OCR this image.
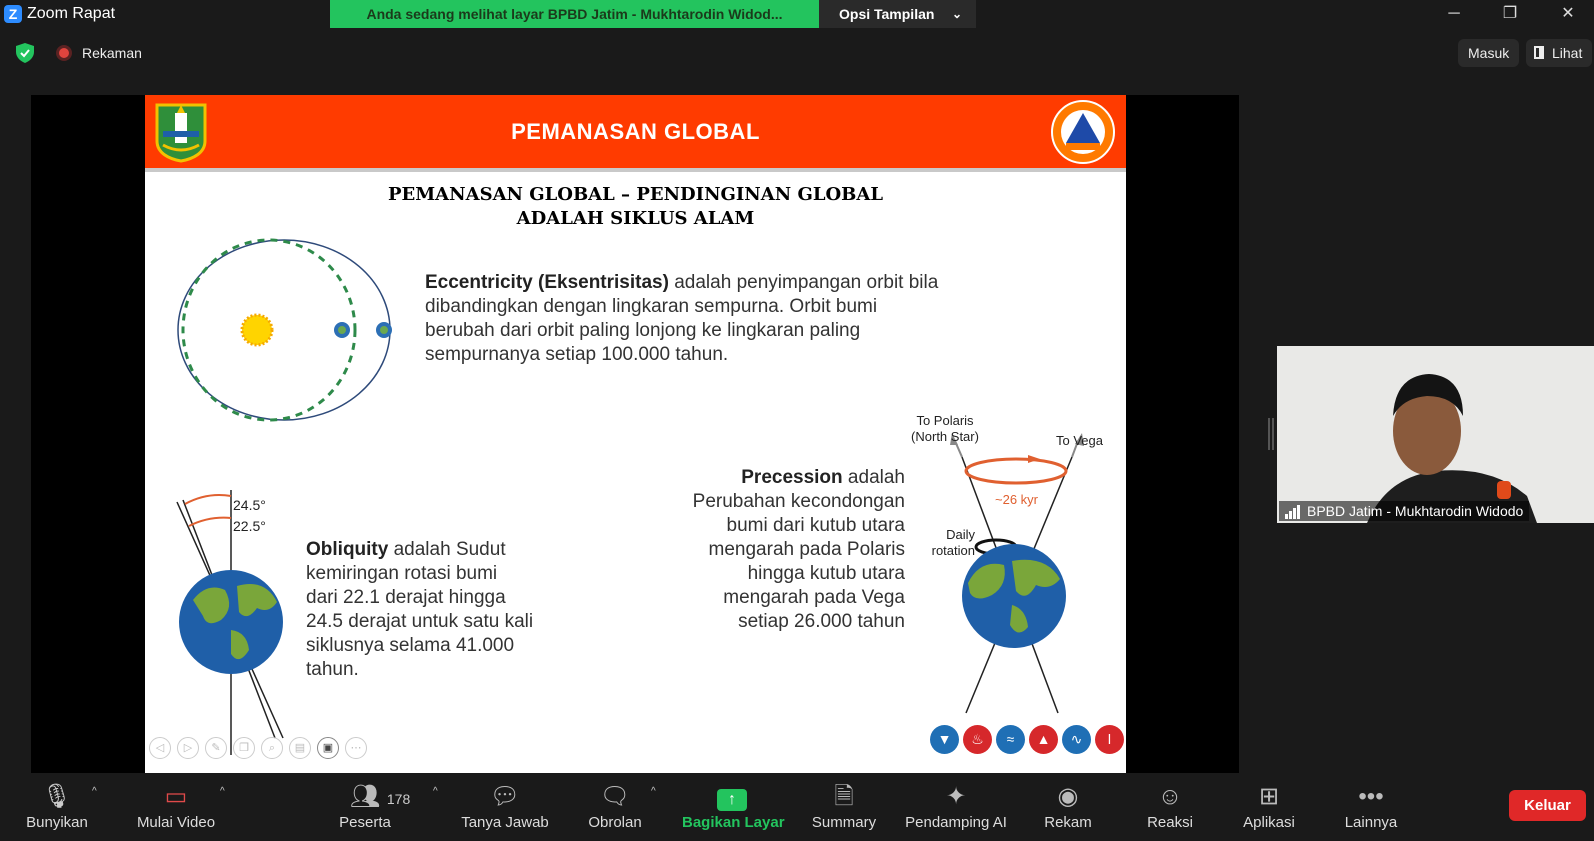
Z Zoom Rapat	Anda sedang melihat layar BPBD Jatim - Mukhtarodin Widod...	Opsi Tampilan ⌄	─	❐	✕
Rekaman	Masuk	Lihat
PEMANASAN GLOBAL
PEMANASAN GLOBAL – PENDINGINAN GLOBAL
ADALAH SIKLUS ALAM
Eccentricity (Eksentrisitas) adalah penyimpangan orbit bila
dibandingkan dengan lingkaran sempurna. Orbit bumi
berubah dari orbit paling lonjong ke lingkaran paling
sempurnanya setiap 100.000 tahun.
24.5°
22.5°
Obliquity adalah Sudut
kemiringan rotasi bumi
dari 22.1 derajat hingga
24.5 derajat untuk satu kali
siklusnya selama 41.000
tahun.
Precession adalah
Perubahan kecondongan
bumi dari kutub utara
mengarah pada Polaris
hingga kutub utara
mengarah pada Vega
setiap 26.000 tahun
To Polaris
(North Star)	To Vega
~26 kyr
Daily
rotation
◁	▷	✎	❐	⌕	▤	▣	⋯
▼	♨	≈	▲	∿	ǀ
BPBD Jatim - Mukhtarodin Widodo
🎙︎
Bunyikan
^	▭
Mulai Video
^	👥︎ 178
Peserta
^	💬︎
Tanya Jawab
🗨︎
Obrolan
^	↑
Bagikan Layar
🗎︎
Summary
✦
Pendamping AI
◉
Rekam
☺
Reaksi
⊞
Aplikasi
•••
Lainnya
Keluar
